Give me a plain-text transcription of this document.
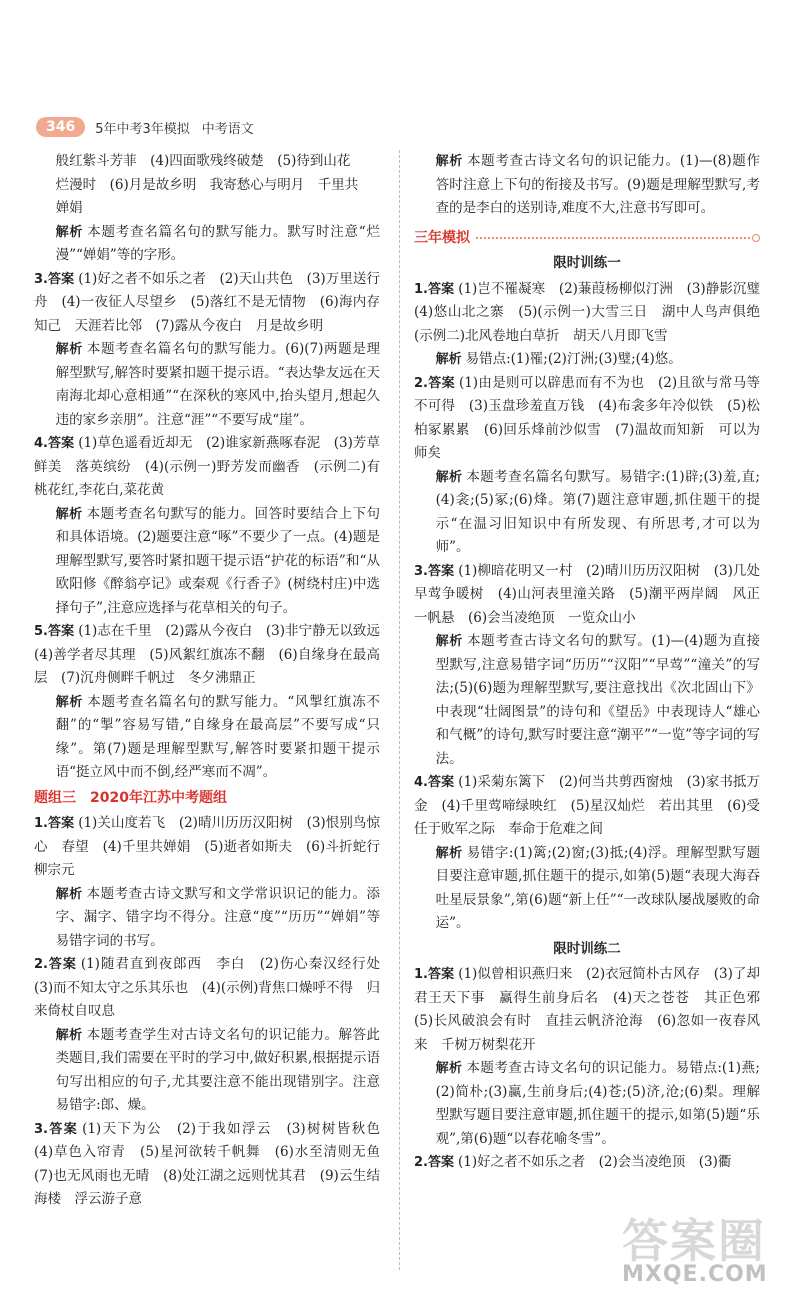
346	5年中考3年模拟 中考语文

般红紫斗芳菲　(4)四面歌残终破楚　(5)待到山花

烂漫时　(6)月是故乡明　我寄愁心与明月　千里共

婵娟

解析 本题考查名篇名句的默写能力。默写时注意“烂漫”“婵娟”等的字形。

3.答案 (1)好之者不如乐之者　(2)天山共色　(3)万里送行舟　(4)一夜征人尽望乡　(5)落红不是无情物　(6)海内存知己　天涯若比邻　(7)露从今夜白　月是故乡明

解析 本题考查名篇名句的默写能力。(6)(7)两题是理解型默写,解答时要紧扣题干提示语。“表达挚友远在天南海北却心意相通”“在深秋的寒风中,抬头望月,想起久违的家乡亲朋”。注意“涯”“不要写成“崖”。

4.答案 (1)草色遥看近却无　(2)谁家新燕啄春泥　(3)芳草鲜美　落英缤纷　(4)(示例一)野芳发而幽香　(示例二)有桃花红,李花白,菜花黄

解析 本题考查名句默写的能力。回答时要结合上下句和具体语境。(2)题要注意“啄”不要少了一点。(4)题是理解型默写,要答时紧扣题干提示语“护花的标语”和“从欧阳修《醉翁亭记》或秦观《行香子》(树绕村庄)中选择句子”,注意应选择与花草相关的句子。

5.答案 (1)志在千里　(2)露从今夜白　(3)非宁静无以致远　(4)善学者尽其理　(5)风絮红旗冻不翻　(6)自缘身在最高层　(7)沉舟侧畔千帆过　冬夕沸鼎正

解析 本题考查名篇名句的默写能力。“风掣红旗冻不翻”的“掣”容易写错,“自缘身在最高层”不要写成“只缘”。第(7)题是理解型默写,解答时要紧扣题干提示语“挺立风中而不倒,经严寒而不凋”。

题组三　2020年江苏中考题组

1.答案 (1)关山度若飞　(2)晴川历历汉阳树　(3)恨别鸟惊心　春望　(4)千里共婵娟　(5)逝者如斯夫　(6)斗折蛇行　柳宗元

解析 本题考查古诗文默写和文学常识识记的能力。添字、漏字、错字均不得分。注意“度”“历历”“婵娟”等易错字词的书写。

2.答案 (1)随君直到夜郎西　李白　(2)伤心秦汉经行处　(3)而不知太守之乐其乐也　(4)(示例)背焦口燥呼不得　归来倚杖自叹息

解析 本题考查学生对古诗文名句的识记能力。解答此类题目,我们需要在平时的学习中,做好积累,根据提示语句写出相应的句子,尤其要注意不能出现错别字。注意易错字:郎、燥。

3.答案 (1)天下为公　(2)于我如浮云　(3)树树皆秋色　(4)草色入帘青　(5)星河欲转千帆舞　(6)水至清则无鱼　(7)也无风雨也无晴　(8)处江湖之远则忧其君　(9)云生结海楼　浮云游子意

解析 本题考查古诗文名句的识记能力。(1)—(8)题作答时注意上下句的衔接及书写。(9)题是理解型默写,考查的是李白的送别诗,难度不大,注意书写即可。

三年模拟

限时训练一

1.答案 (1)岂不罹凝寒　(2)蒹葭杨柳似汀洲　(3)静影沉璧　(4)悠山北之寨　(5)(示例一)大雪三日　湖中人鸟声俱绝　(示例二)北风卷地白草折　胡天八月即飞雪

解析 易错点:(1)罹;(2)汀洲;(3)璧;(4)悠。

2.答案 (1)由是则可以辟患而有不为也　(2)且欲与常马等不可得　(3)玉盘珍羞直万钱　(4)布衾多年冷似铁　(5)松柏冢累累　(6)回乐烽前沙似雪　(7)温故而知新　可以为师矣

解析 本题考查名篇名句默写。易错字:(1)辟;(3)羞,直;(4)衾;(5)冢;(6)烽。第(7)题注意审题,抓住题干的提示“在温习旧知识中有所发现、有所思考,才可以为师”。

3.答案 (1)柳暗花明又一村　(2)晴川历历汉阳树　(3)几处早莺争暖树　(4)山河表里潼关路　(5)潮平两岸阔　风正一帆悬　(6)会当凌绝顶　一览众山小

解析 本题考查古诗文名句的默写。(1)—(4)题为直接型默写,注意易错字词“历历”“汉阳”“早莺”“潼关”的写法;(5)(6)题为理解型默写,要注意找出《次北固山下》中表现“壮阔图景”的诗句和《望岳》中表现诗人“雄心和气概”的诗句,默写时要注意“潮平”“一览”等字词的写法。

4.答案 (1)采菊东篱下　(2)何当共剪西窗烛　(3)家书抵万金　(4)千里莺啼绿映红　(5)星汉灿烂　若出其里　(6)受任于败军之际　奉命于危难之间

解析 易错字:(1)篱;(2)窗;(3)抵;(4)浮。理解型默写题目要注意审题,抓住题干的提示,如第(5)题“表现大海吞吐星辰景象”,第(6)题“新上任”“一改球队屡战屡败的命运”。

限时训练二

1.答案 (1)似曾相识燕归来　(2)衣冠简朴古风存　(3)了却君王天下事　赢得生前身后名　(4)天之苍苍　其正色邪　(5)长风破浪会有时　直挂云帆济沧海　(6)忽如一夜春风来　千树万树梨花开

解析 本题考查古诗文名句的识记能力。易错点:(1)燕;(2)简朴;(3)赢,生前身后;(4)苍;(5)济,沧;(6)梨。理解型默写题目要注意审题,抓住题干的提示,如第(5)题“乐观”,第(6)题“以春花喻冬雪”。

2.答案 (1)好之者不如乐之者　(2)会当凌绝顶　(3)衢

答案圈
MXQE.COM
